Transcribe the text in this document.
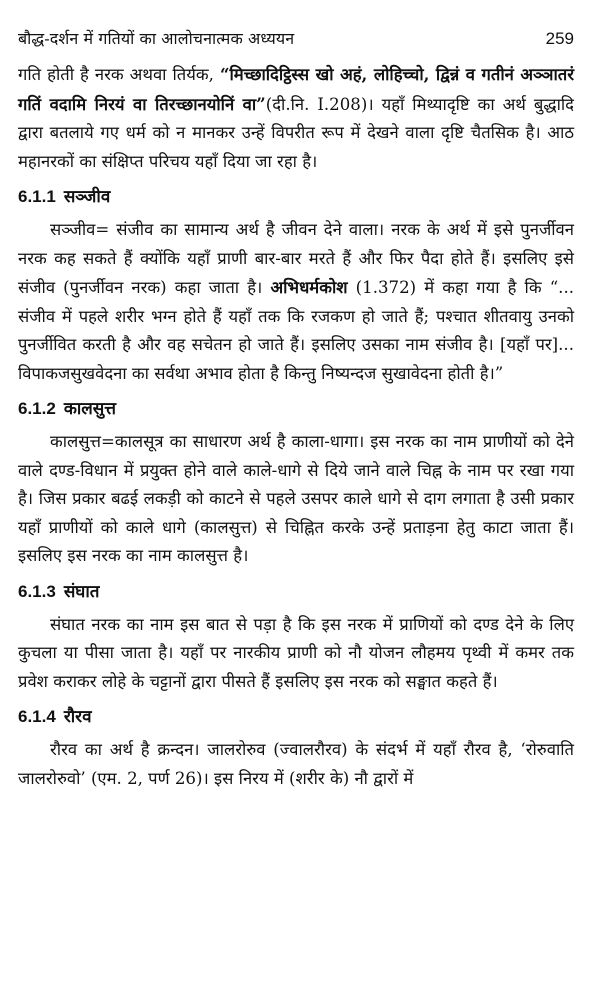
बौद्ध-दर्शन में गतियों का आलोचनात्मक अध्ययन	259

गति होती है नरक अथवा तिर्यक, “मिच्छादिट्ठिस्स खो अहं, लोहिच्चो, द्विन्नं व गतीनं अञ्ञातरं गतिं वदामि निरयं वा तिरच्छानयोनिं वा”(दी.नि. I.208)। यहाँ मिथ्यादृष्टि का अर्थ बुद्धादि द्वारा बतलाये गए धर्म को न मानकर उन्हें विपरीत रूप में देखने वाला दृष्टि चैतसिक है। आठ महानरकों का संक्षिप्त परिचय यहाँ दिया जा रहा है।

6.1.1 सञ्जीव

सञ्जीव= संजीव का सामान्य अर्थ है जीवन देने वाला। नरक के अर्थ में इसे पुनर्जीवन नरक कह सकते हैं क्योंकि यहाँ प्राणी बार-बार मरते हैं और फिर पैदा होते हैं। इसलिए इसे संजीव (पुनर्जीवन नरक) कहा जाता है। अभिधर्मकोश (1.372) में कहा गया है कि “... संजीव में पहले शरीर भग्न होते हैं यहाँ तक कि रजकण हो जाते हैं; पश्चात शीतवायु उनको पुनर्जीवित करती है और वह सचेतन हो जाते हैं। इसलिए उसका नाम संजीव है। [यहाँ पर]... विपाकजसुखवेदना का सर्वथा अभाव होता है किन्तु निष्यन्दज सुखावेदना होती है।”

6.1.2 कालसुत्त

कालसुत्त=कालसूत्र का साधारण अर्थ है काला-धागा। इस नरक का नाम प्राणीयों को देने वाले दण्ड-विधान में प्रयुक्त होने वाले काले-धागे से दिये जाने वाले चिह्न के नाम पर रखा गया है। जिस प्रकार बढई लकड़ी को काटने से पहले उसपर काले धागे से दाग लगाता है उसी प्रकार यहाँ प्राणीयों को काले धागे (कालसुत्त) से चिह्नित करके उन्हें प्रताड़ना हेतु काटा जाता हैं। इसलिए इस नरक का नाम कालसुत्त है।

6.1.3 संघात

संघात नरक का नाम इस बात से पड़ा है कि इस नरक में प्राणियों को दण्ड देने के लिए कुचला या पीसा जाता है। यहाँ पर नारकीय प्राणी को नौ योजन लौहमय पृथ्वी में कमर तक प्रवेश कराकर लोहे के चट्टानों द्वारा पीसते हैं इसलिए इस नरक को सङ्घात कहते हैं।

6.1.4 रौरव

रौरव का अर्थ है क्रन्दन। जालरोरुव (ज्वालरौरव) के संदर्भ में यहाँ रौरव है, ‘रोरुवाति जालरोरुवो’ (एम. 2, पर्ण 26)। इस निरय में (शरीर के) नौ द्वारों में
